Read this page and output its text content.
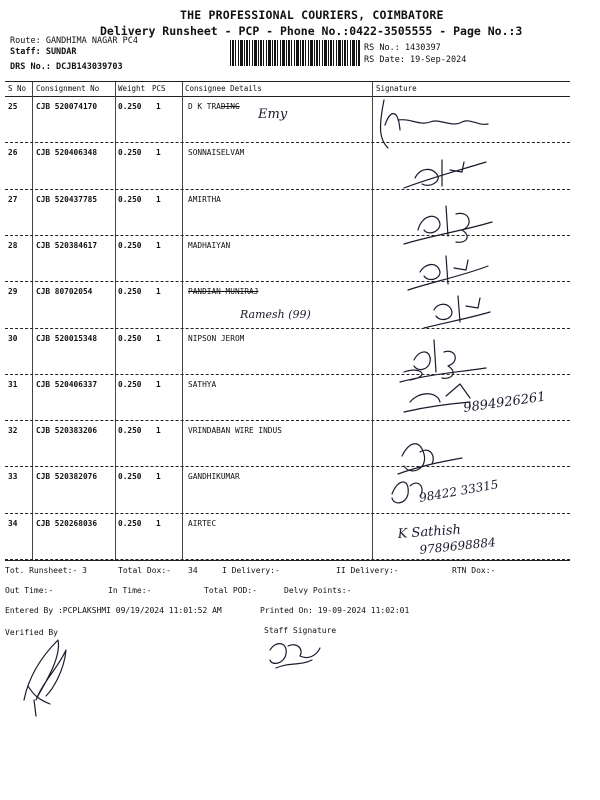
THE PROFESSIONAL COURIERS, COIMBATORE
Delivery Runsheet - PCP - Phone No.:0422-3505555 - Page No.:3
Route: GANDHIMA NAGAR PC4
Staff: SUNDAR
DRS No.: DCJB143039703
RS No.: 1430397
RS Date: 19-Sep-2024
S No Consignment No	Weight PCS	Consignee Details	Signature
25 CJB 520074170	0.250 1	D K TRADING
26 CJB 520406348	0.250 1	SONNAISELVAM
27 CJB 520437785	0.250 1	AMIRTHA
28 CJB 520384617	0.250 1	MADHAIYAN
29 CJB 80702054	0.250 1	PANDIAN MUNIRAJ
30 CJB 520015348	0.250 1	NIPSON JEROM
31 CJB 520406337	0.250 1	SATHYA
32 CJB 520383206	0.250 1	VRINDABAN WIRE INDUS
33 CJB 520382076	0.250 1	GANDHIKUMAR
34 CJB 520268036	0.250 1	AIRTEC
Emy
Ramesh (99)
9894926261
98422 33315
K Sathish
9789698884
Tot. Runsheet:- 3	Total Dox:- 34	I Delivery:-	II Delivery:-	RTN Dox:-
Out Time:-	In Time:-	Total POD:-	Delvy Points:-
Entered By :PCPLAKSHMI 09/19/2024 11:01:52 AM	Printed On: 19-09-2024 11:02:01
Verified By	Staff Signature
